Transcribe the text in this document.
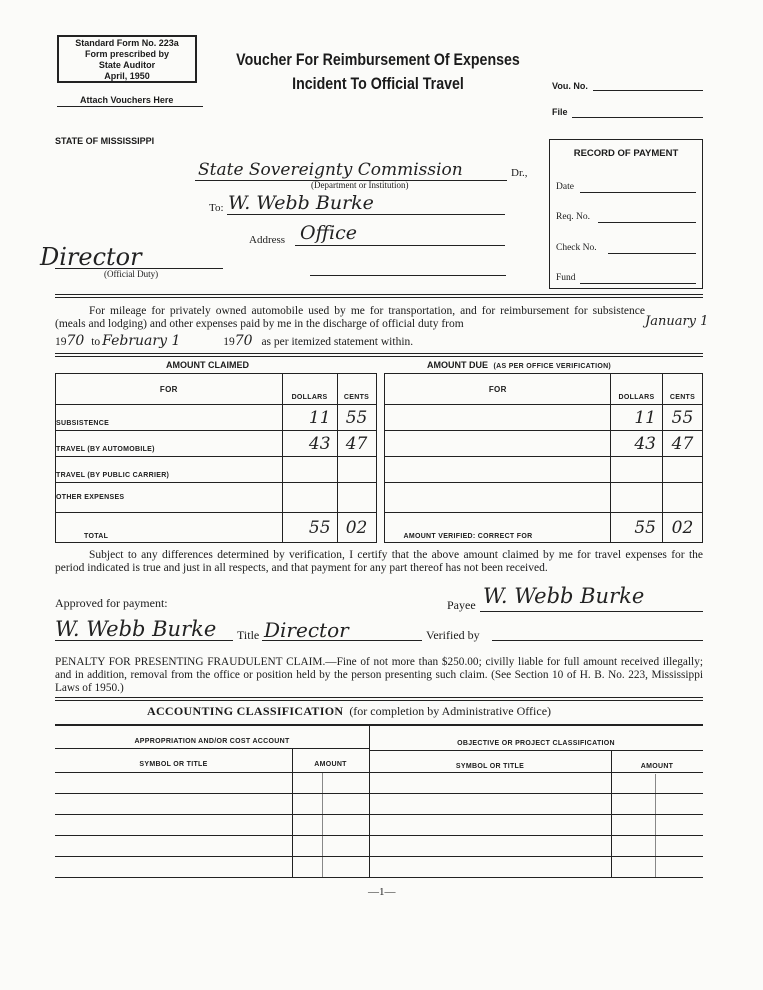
Standard Form No. 223a
Form prescribed by
State Auditor
April, 1950
Attach Vouchers Here
Voucher For Reimbursement Of Expenses
Incident To Official Travel	Vou. No.
File
STATE OF MISSISSIPPI
State Sovereignty Commission	Dr.,
(Department or Institution)
To: W. Webb Burke
Address Office
Director
(Official Duty)
RECORD OF PAYMENT
Date
Req. No.
Check No.
Fund
For mileage for privately owned automobile used by me for transportation, and for reimbursement for subsistence (meals and lodging) and other expenses paid by me in the discharge of official duty from	January 1
1970 to February 1	1970 as per itemized statement within.
AMOUNT CLAIMED	AMOUNT DUE (AS PER OFFICE VERIFICATION)
FOR	DOLLARS	CENTS		FOR	DOLLARS	CENTS
SUBSISTENCE	11	55			11	55
TRAVEL (BY AUTOMOBILE)	43	47			43	47
TRAVEL (BY PUBLIC CARRIER)						
OTHER EXPENSES						
TOTAL	55	02		AMOUNT VERIFIED: CORRECT FOR	55	02
Subject to any differences determined by verification, I certify that the above amount claimed by me for travel expenses for the period indicated is true and just in all respects, and that payment for any part thereof has not been received.
Approved for payment:	Payee W. Webb Burke
W. Webb Burke Title Director	Verified by
PENALTY FOR PRESENTING FRAUDULENT CLAIM.—Fine of not more than $250.00; civilly liable for full amount received illegally; and in addition, removal from the office or position held by the person presenting such claim. (See Section 10 of H. B. No. 223, Mississippi Laws of 1950.)
ACCOUNTING CLASSIFICATION (for completion by Administrative Office)
APPROPRIATION AND/OR COST ACCOUNT	OBJECTIVE OR PROJECT CLASSIFICATION
SYMBOL OR TITLE	AMOUNT	SYMBOL OR TITLE	AMOUNT
—1—
